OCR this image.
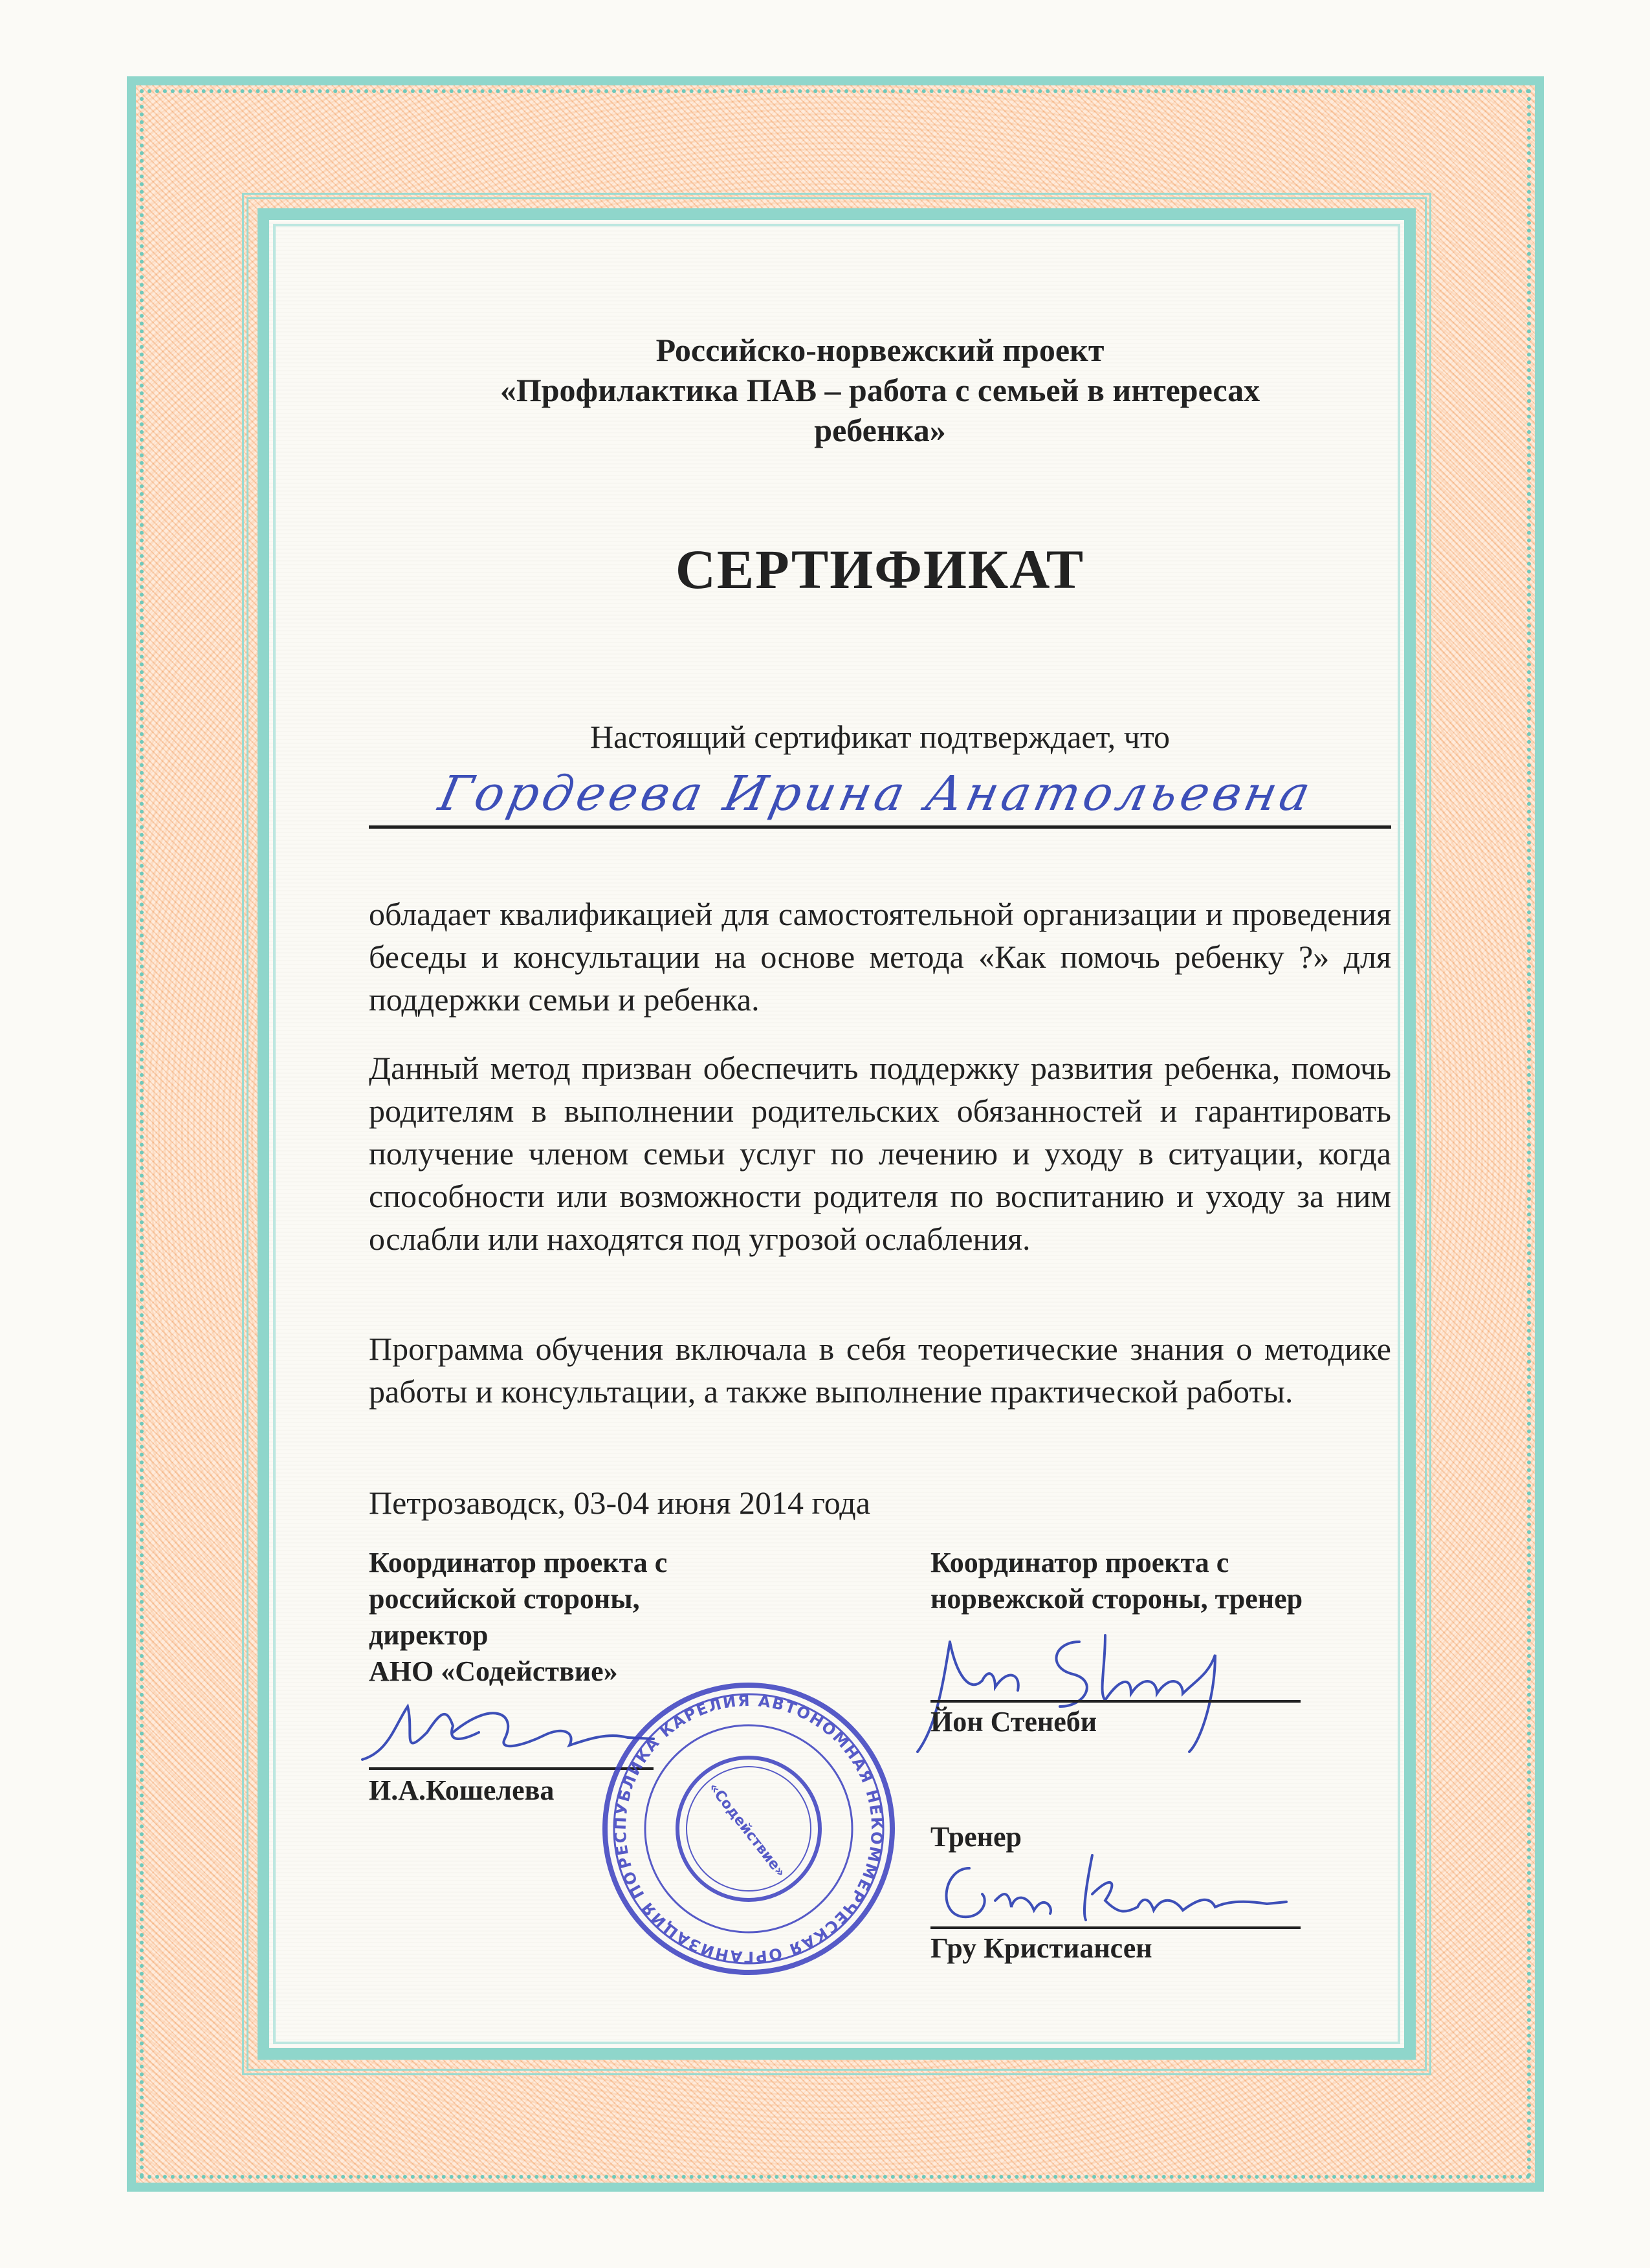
Российско-норвежский проект
«Профилактика ПАВ – работа с семьей в интересах
ребенка»
СЕРТИФИКАТ

Настоящий сертификат подтверждает, что

Гордеева Ирина Анатольевна

обладает квалификацией для самостоятельной организации и проведения беседы и консультации на основе метода «Как помочь ребенку ?» для поддержки семьи и ребенка.

Данный метод призван обеспечить поддержку развития ребенка, помочь родителям в выполнении родительских обязанностей и гарантировать получение членом семьи услуг по лечению и уходу в ситуации, когда способности или возможности родителя по воспитанию и уходу за ним ослабли или находятся под угрозой ослабления.

Программа обучения включала в себя теоретические знания о методике работы и консультации, а также выполнение практической работы.

Петрозаводск, 03-04 июня 2014 года

Координатор проекта с
российской стороны,
директор
АНО «Содействие»
И.А.Кошелева
Координатор проекта с
норвежской стороны, тренер
Йон Стенеби
Тренер
Гру Кристиансен
РЕСПУБЛИКА КАРЕЛИЯ АВТОНОМНАЯ НЕКОММЕРЧЕСКАЯ ОРГАНИЗАЦИЯ ПО	«Содействие»
